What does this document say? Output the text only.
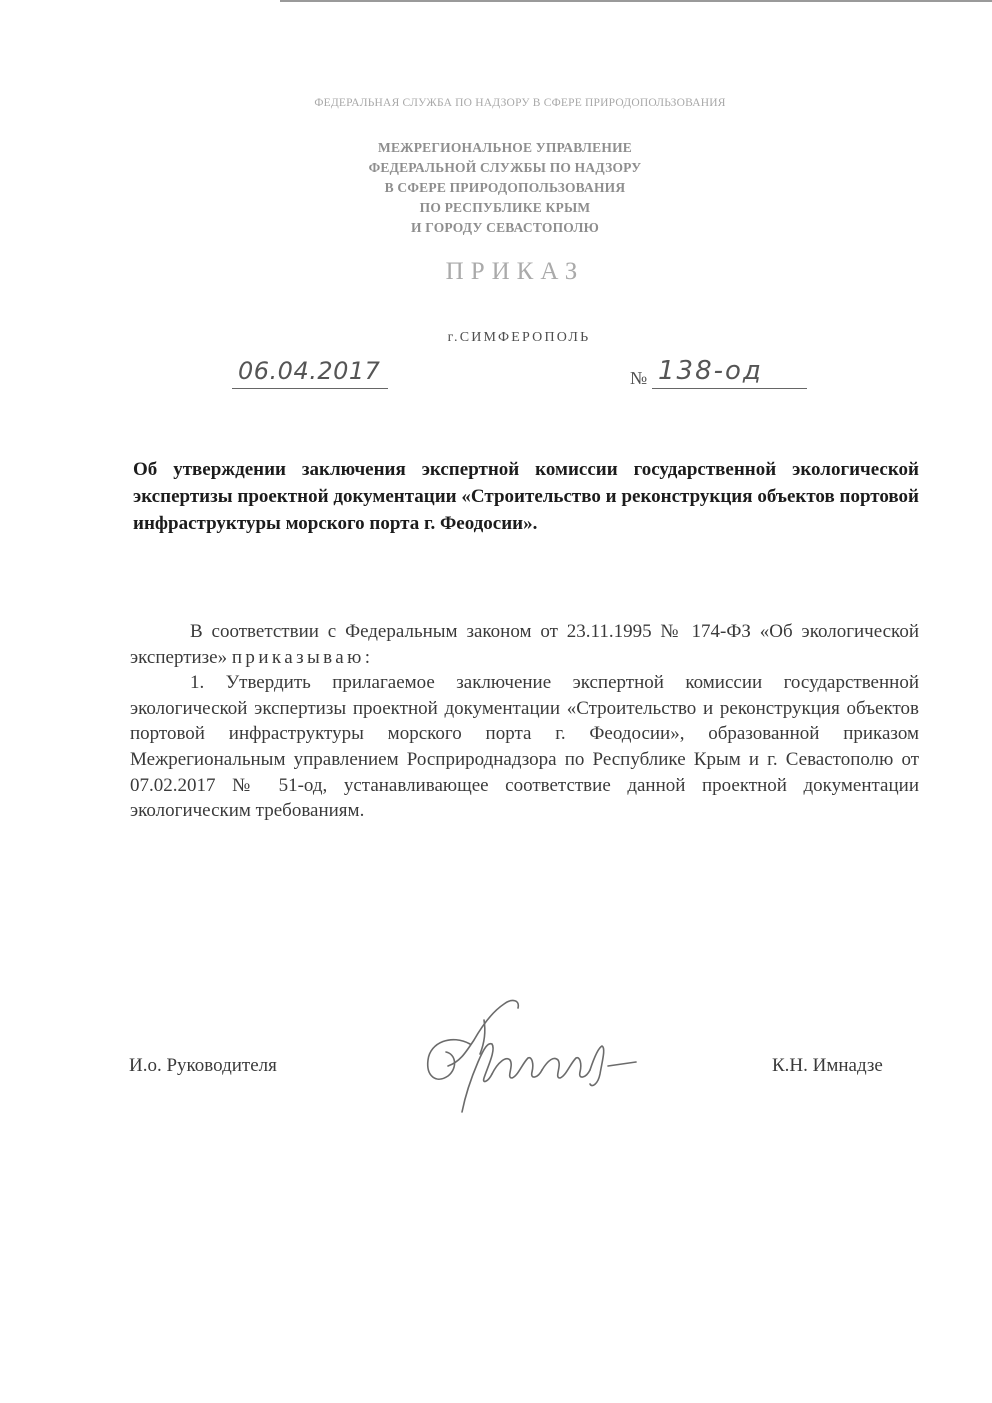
ФЕДЕРАЛЬНАЯ СЛУЖБА ПО НАДЗОРУ В СФЕРЕ ПРИРОДОПОЛЬЗОВАНИЯ
МЕЖРЕГИОНАЛЬНОЕ УПРАВЛЕНИЕ
ФЕДЕРАЛЬНОЙ СЛУЖБЫ ПО НАДЗОРУ
В СФЕРЕ ПРИРОДОПОЛЬЗОВАНИЯ
ПО РЕСПУБЛИКЕ КРЫМ
И ГОРОДУ СЕВАСТОПОЛЮ
ПРИКАЗ
г.СИМФЕРОПОЛЬ
06.04.2017	№ 138-од
Об утверждении заключения экспертной комиссии государственной экологической экспертизы проектной документации «Строительство и реконструкция объектов портовой инфраструктуры морского порта г. Феодосии».

В соответствии с Федеральным законом от 23.11.1995 № 174-ФЗ «Об экологической экспертизе» приказываю:

1. Утвердить прилагаемое заключение экспертной комиссии государственной экологической экспертизы проектной документации «Строительство и реконструкция объектов портовой инфраструктуры морского порта г. Феодосии», образованной приказом Межрегиональным управлением Росприроднадзора по Республике Крым и г. Севастополю от 07.02.2017 № 51-од, устанавливающее соответствие данной проектной документации экологическим требованиям.

И.о. Руководителя	К.Н. Имнадзе
